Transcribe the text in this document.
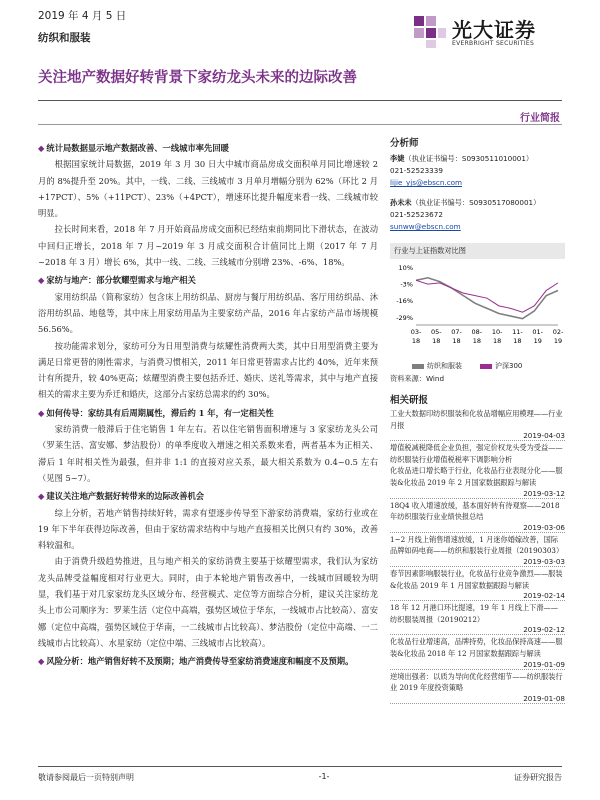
2019 年 4 月 5 日
纺织和服装	光大证券
EVERBRIGHT SECURITIES
关注地产数据好转背景下家纺龙头未来的边际改善
行业简报

◆ 统计局数据显示地产数据改善、一线城市率先回暖

根据国家统计局数据，2019 年 3 月 30 日大中城市商品房成交面积单月同比增速较 2 月的 8%提升至 20%。其中，一线、二线、三线城市 3 月单月增幅分别为 62%（环比 2 月+17PCT）、5%（+11PCT）、23%（+4PCT），增速环比提升幅度来看一线、二线城市较明显。

拉长时间来看，2018 年 7 月开始商品房成交面积已经结束前期同比下滑状态，在波动中回归正增长，2018 年 7 月~2019 年 3 月成交面积合计值同比上期（2017 年 7 月~2018 年 3 月）增长 6%，其中一线、二线、三线城市分别增 23%、-6%、18%。

◆ 家纺与地产：部分软耀型需求与地产相关

家用纺织品（简称家纺）包含床上用纺织品、厨房与餐厅用纺织品、客厅用纺织品、沐浴用纺织品、地毯等，其中床上用家纺用品为主要家纺产品，2016 年占家纺产品市场规模 56.56%。

按功能需求划分，家纺可分为日用型消费与炫耀性消费两大类，其中日用型消费主要为满足日常更替的刚性需求，与消费习惯相关，2011 年日常更替需求占比约 40%，近年来预计有所提升，较 40%更高；炫耀型消费主要包括乔迁、婚庆、送礼等需求，其中与地产直接相关的需求主要为乔迁和婚庆，这部分占家纺总需求的约 30%。

◆ 如何传导：家纺具有后周期属性，滞后约 1 年，有一定相关性

家纺消费一般滞后于住宅销售 1 年左右。若以住宅销售面积增速与 3 家家纺龙头公司（罗莱生活、富安娜、梦洁股份）的单季度收入增速之相关系数来看，两者基本为正相关、滞后 1 年时相关性为最强，但并非 1:1 的直接对应关系，最大相关系数为 0.4~0.5 左右（见图 5~7）。

◆ 建议关注地产数据好转带来的边际改善机会

综上分析，若地产销售持续好转，需求有望逐步传导至下游家纺消费端，家纺行业或在 19 年下半年获得边际改善，但由于家纺需求结构中与地产直接相关比例只有约 30%，改善料较温和。

由于消费升级趋势推进，且与地产相关的家纺消费主要基于炫耀型需求，我们认为家纺龙头品牌受益幅度相对行业更大。同时，由于本轮地产销售改善中，一线城市回暖较为明显，我们基于对几家家纺龙头区域分布、经营模式、定位等方面综合分析，建议关注家纺龙头上市公司顺序为：罗莱生活（定位中高端，强势区域位于华东，一线城市占比较高）、富安娜（定位中高端，强势区域位于华南，一二线城市占比较高）、梦洁股份（定位中高端、一二线城市占比较高）、水星家纺（定位中端、三线城市占比较高）。

◆ 风险分析：地产销售好转不及预期；地产消费传导至家纺消费速度和幅度不及预期。

分析师
李婕（执业证书编号：S0930511010001）
021-52523339
lijie_yjs@ebscn.com
孙未未（执业证书编号：S0930517080001）
021-52523672
sunww@ebscn.com
行业与上证指数对比图
10%
-3%
-16%
-29%
03-
18
05-
18
07-
18
08-
18
10-
18
11-
18
01-
19
02-
19
纺织和服装	沪深300
资料来源：Wind
相关研报
工业大数据印纺织服装和化妆品增幅应用模理——行业月报
2019-04-03
增值税减税降低企业负担，强定价权龙头受为受益——纺织服装行业增值税税率下调影响分析
化妆品进口增长略于行业，化妆品行业表现分化——服装&化妆品 2019 年 2 月国家数据跟踪与解读
2019-03-12
18Q4 收入增速放缓，基本面好转有待观察——2018 年纺织服装行业业绩快报总结
2019-03-06
1~2 月线上销售增速放缓，1 月迷你婚嫁改善，国际品牌如码电商——纺织和服装行业周报（20190303）
2019-03-03
春节因素影响服装行业，化妆品行业竞争激烈——服装&化妆品 2019 年 1 月国家数据跟踪与解读
2019-02-14
18 年 12 月港口环比提速，19 年 1 月线上下滑——纺织服装周报（20190212）
2019-02-12
化妆品行业增速高，品牌持势，化妆品保持高速——服装&化妆品 2018 年 12 月国家数据跟踪与解读
2019-01-09
逆境出强者：以质为导向优化经营细节——纺织服装行业 2019 年度投资策略
2019-01-08
敬请参阅最后一页特别声明	-1-	证券研究报告
